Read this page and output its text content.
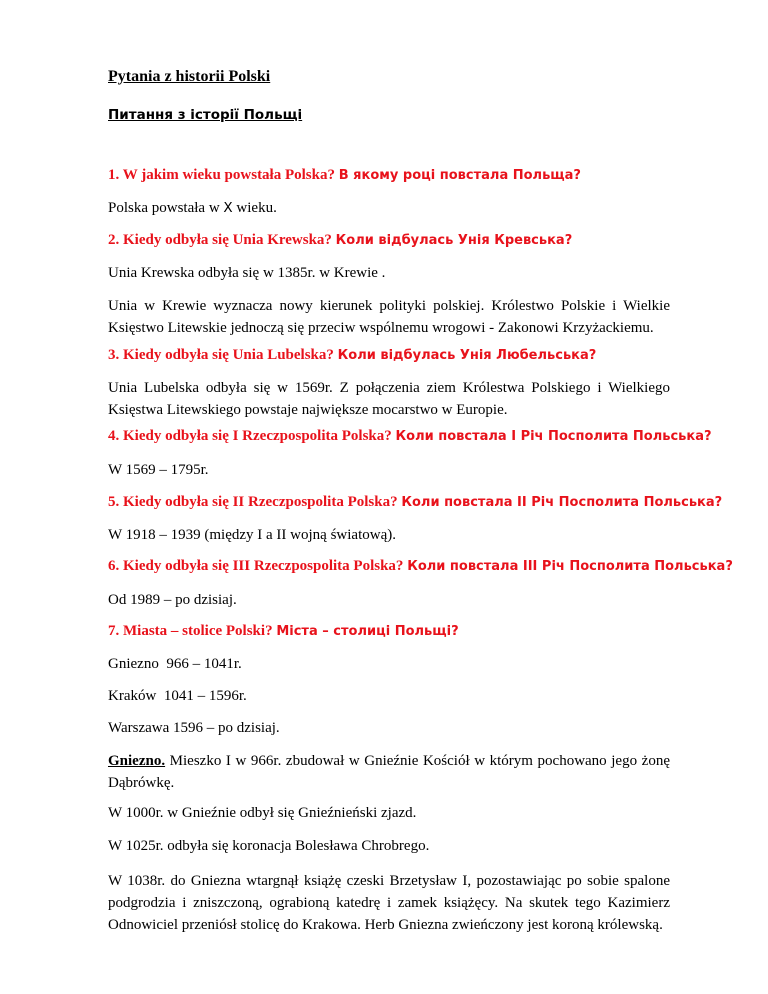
Pytania z historii Polski

Питання з історії Польщі

1. W jakim wieku powstała Polska? В якому році повстала Польща?

Polska powstała w X wieku.

2. Kiedy odbyła się Unia Krewska? Коли відбулась Унія Кревська?

Unia Krewska odbyła się w 1385r. w Krewie .

Unia w Krewie wyznacza nowy kierunek polityki polskiej. Królestwo Polskie i Wielkie Księstwo Litewskie jednoczą się przeciw wspólnemu wrogowi - Zakonowi Krzyżackiemu.

3. Kiedy odbyła się Unia Lubelska? Коли відбулась Унія Любельська?

Unia Lubelska odbyła się w 1569r. Z połączenia ziem Królestwa Polskiego i Wielkiego Księstwa Litewskiego powstaje największe mocarstwo w Europie.

4. Kiedy odbyła się I Rzeczpospolita Polska? Коли повстала I Річ Посполита Польська?

W 1569 – 1795r.

5. Kiedy odbyła się II Rzeczpospolita Polska? Коли повстала II Річ Посполита Польська?

W 1918 – 1939 (między I a II wojną światową).

6. Kiedy odbyła się III Rzeczpospolita Polska? Коли повстала III Річ Посполита Польська?

Od 1989 – po dzisiaj.

7. Miasta – stolice Polski? Міста – столиці Польщі?

Gniezno  966 – 1041r.

Kraków  1041 – 1596r.

Warszawa 1596 – po dzisiaj.

Gniezno. Mieszko I w 966r. zbudował w Gnieźnie Kościół w którym pochowano jego żonę Dąbrówkę.

W 1000r. w Gnieźnie odbył się Gnieźnieński zjazd.

W 1025r. odbyła się koronacja Bolesława Chrobrego.

W 1038r. do Gniezna wtargnął książę czeski Brzetysław I, pozostawiając po sobie spalone podgrodzia i zniszczoną, ograbioną katedrę i zamek książęcy. Na skutek tego Kazimierz Odnowiciel przeniósł stolicę do Krakowa. Herb Gniezna zwieńczony jest koroną królewską.
